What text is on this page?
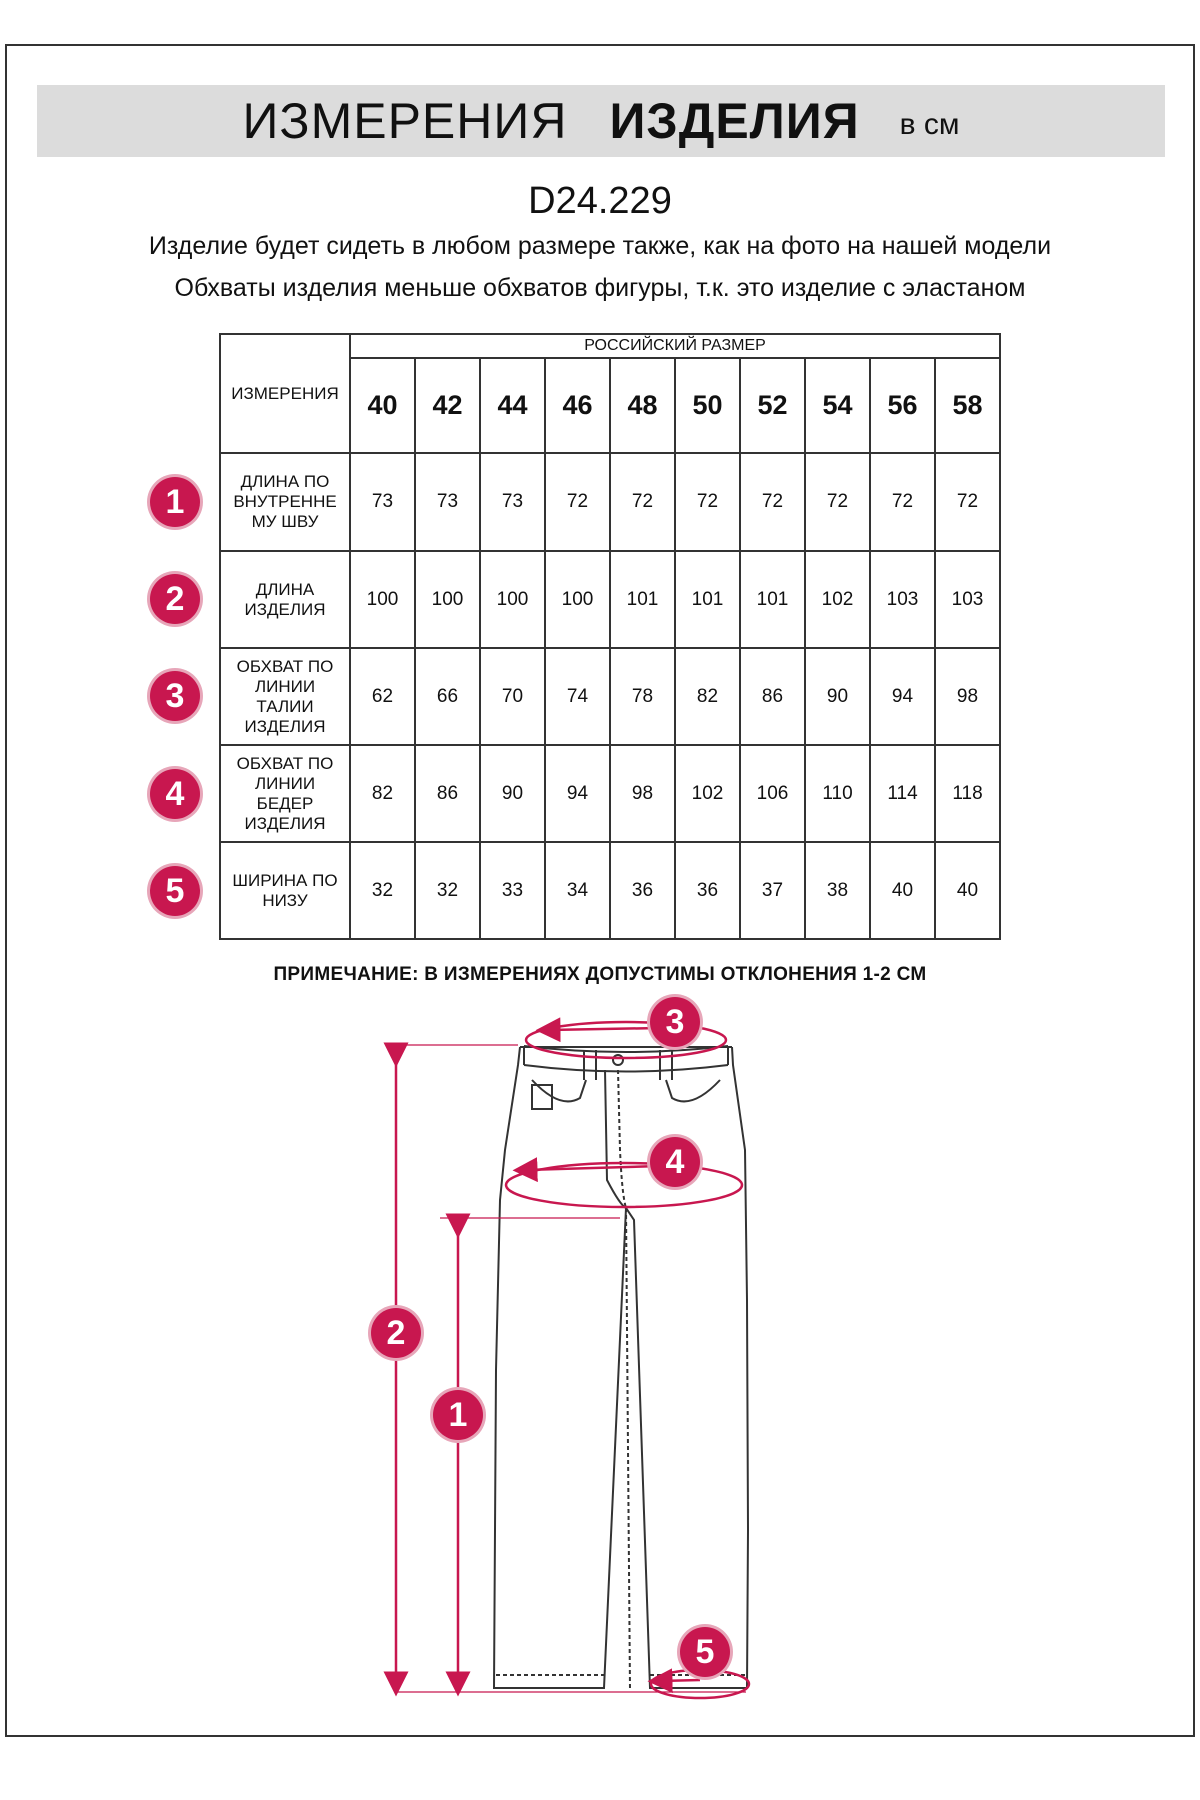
ИЗМЕРЕНИЯ ИЗДЕЛИЯ в см
D24.229
Изделие будет сидеть в любом размере также, как на фото на нашей модели
Обхваты изделия меньше обхватов фигуры, т.к. это изделие с эластаном
ИЗМЕРЕНИЯ	РОССИЙСКИЙ РАЗМЕР									
	40	42	44	46	48	50	52	54	56	58

ДЛИНА ПО
ВНУТРЕННЕ
МУ ШВУ	73	73	73	72	72	72	72	72	72	72

ДЛИНА
ИЗДЕЛИЯ	100	100	100	100	101	101	101	102	103	103

ОБХВАТ ПО
ЛИНИИ
ТАЛИИ
ИЗДЕЛИЯ	62	66	70	74	78	82	86	90	94	98

ОБХВАТ ПО
ЛИНИИ
БЕДЕР
ИЗДЕЛИЯ	82	86	90	94	98	102	106	110	114	118

ШИРИНА ПО
НИЗУ	32	32	33	34	36	36	37	38	40	40
1
2
3
4
5
ПРИМЕЧАНИЕ: В ИЗМЕРЕНИЯХ ДОПУСТИМЫ ОТКЛОНЕНИЯ 1-2 СМ
3
4
2
1
5
